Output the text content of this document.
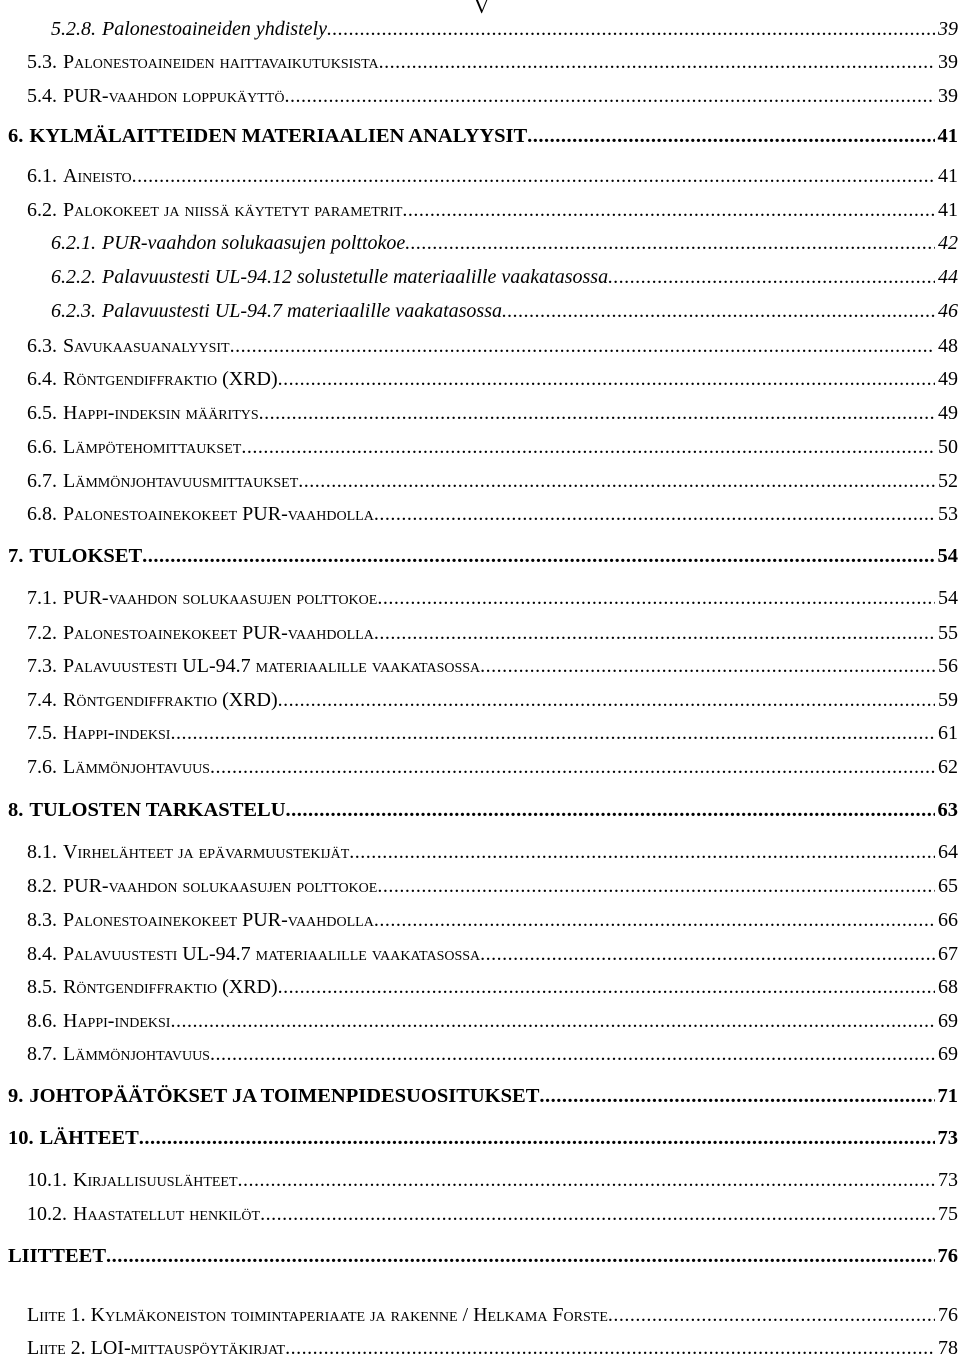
V
5.2.8. Palonestoaineiden yhdistely .....	39
5.3. Palonestoaineiden haittavaikutuksista .....	39
5.4. PUR-vaahdon loppukäyttö .....	39
6. KYLMÄLAITTEIDEN MATERIAALIEN ANALYYSIT .....	41
6.1. Aineisto .....	41
6.2. Palokokeet ja niissä käytetyt parametrit .....	41
6.2.1. PUR-vaahdon solukaasujen polttokoe .....	42
6.2.2. Palavuustesti UL-94.12 solustetulle materiaalille vaakatasossa .....	44
6.2.3. Palavuustesti UL-94.7 materiaalille vaakatasossa .....	46
6.3. Savukaasuanalyysit .....	48
6.4. Röntgendiffraktio (XRD) .....	49
6.5. Happi-indeksin määritys .....	49
6.6. Lämpötehomittaukset .....	50
6.7. Lämmönjohtavuusmittaukset .....	52
6.8. Palonestoainekokeet PUR-vaahdolla .....	53
7. TULOKSET .....	54
7.1. PUR-vaahdon solukaasujen polttokoe .....	54
7.2. Palonestoainekokeet PUR-vaahdolla .....	55
7.3. Palavuustesti UL-94.7 materiaalille vaakatasossa .....	56
7.4. Röntgendiffraktio (XRD) .....	59
7.5. Happi-indeksi .....	61
7.6. Lämmönjohtavuus .....	62
8. TULOSTEN TARKASTELU .....	63
8.1. Virhelähteet ja epävarmuustekijät .....	64
8.2. PUR-vaahdon solukaasujen polttokoe .....	65
8.3. Palonestoainekokeet PUR-vaahdolla .....	66
8.4. Palavuustesti UL-94.7 materiaalille vaakatasossa .....	67
8.5. Röntgendiffraktio (XRD) .....	68
8.6. Happi-indeksi .....	69
8.7. Lämmönjohtavuus .....	69
9. JOHTOPÄÄTÖKSET JA TOIMENPIDESUOSITUKSET .....	71
10. LÄHTEET .....	73
10.1. Kirjallisuuslähteet .....	73
10.2. Haastatellut henkilöt .....	75
LIITTEET .....	76
Liite 1. Kylmäkoneiston toimintaperiaate ja rakenne / Helkama Forste .....	76
Liite 2. LOI-mittauspöytäkirjat .....	78
